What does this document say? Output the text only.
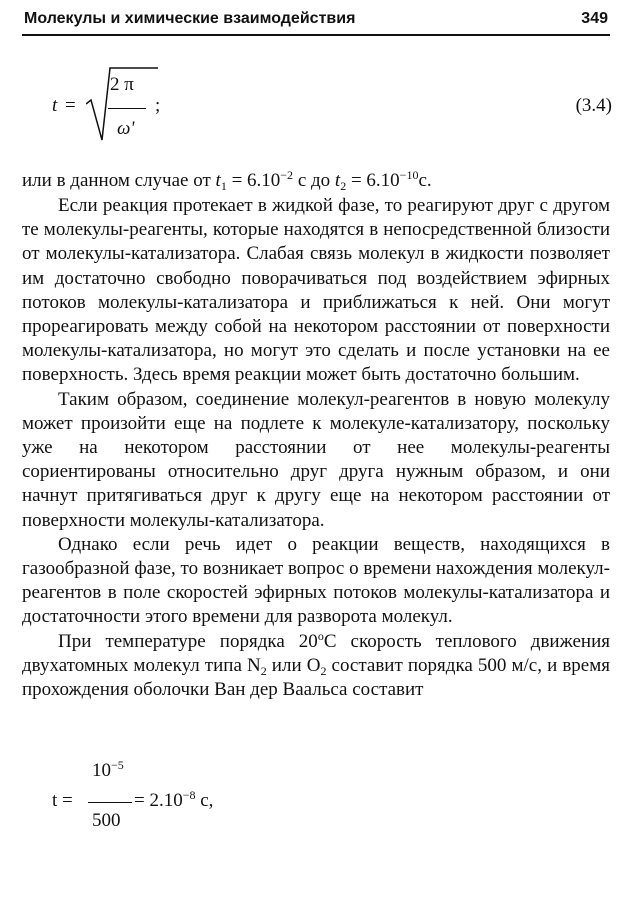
Молекулы и химические взаимодействия	349
t =
2 π
ω'
;	(3.4)
или в данном случае от $t_1 = 6.10^{-2}$ с до $t_2 = 6.10^{-10}с$.

Если реакция протекает в жидкой фазе, то реагируют друг с другом те молекулы-реагенты, которые находятся в непосредственной близости от молекулы-катализатора. Слабая связь молекул в жидкости позволяет им достаточно свободно поворачиваться под воздействием эфирных потоков молекулы-катализатора и приближаться к ней. Они могут прореагировать между собой на некотором расстоянии от поверхности молекулы-катализатора, но могут это сделать и после установки на ее поверхность. Здесь время реакции может быть достаточно большим.

Таким образом, соединение молекул-реагентов в новую молекулу может произойти еще на подлете к молекуле-катализатору, поскольку уже на некотором расстоянии от нее молекулы-реагенты сориентированы относительно друг друга нужным образом, и они начнут притягиваться друг к другу еще на некотором расстоянии от поверхности молекулы-катализатора.

Однако если речь идет о реакции веществ, находящихся в газообразной фазе, то возникает вопрос о времени нахождения молекул-реагентов в поле скоростей эфирных потоков молекулы-катализатора и достаточности этого времени для разворота молекул.

При температуре порядка $20^оС$ скорость теплового движения двухатомных молекул типа $N_2$ или $O_2$ составит порядка 500 м/с, и время прохождения оболочки Ван дер Ваальса составит

t =
$10^{-5}$
500
= $2.10^{-8}$ с,
